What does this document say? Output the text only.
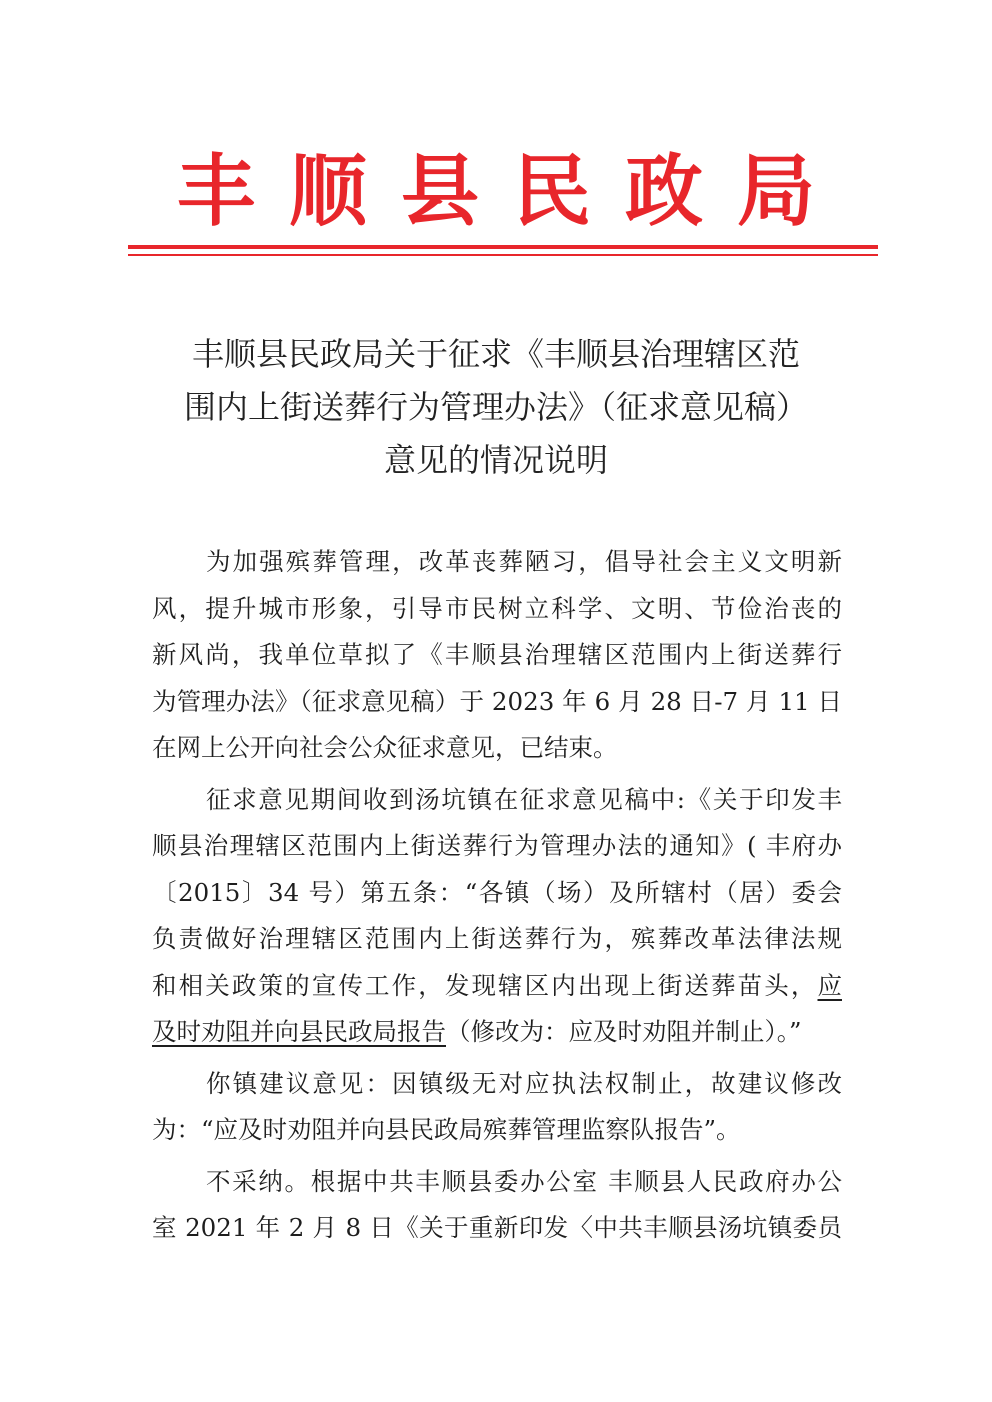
丰顺县民政局
丰顺县民政局关于征求《丰顺县治理辖区范
围内上街送葬行为管理办法》（征求意见稿）
意见的情况说明
为加强殡葬管理，改革丧葬陋习，倡导社会主义文明新
风，提升城市形象，引导市民树立科学、文明、节俭治丧的
新风尚，我单位草拟了《丰顺县治理辖区范围内上街送葬行
为管理办法》（征求意见稿）于 2023 年 6 月 28 日-7 月 11 日
在网上公开向社会公众征求意见，已结束。
征求意见期间收到汤坑镇在征求意见稿中:《关于印发丰
顺县治理辖区范围内上街送葬行为管理办法的通知》( 丰府办
〔2015〕34 号）第五条：“各镇（场）及所辖村（居）委会
负责做好治理辖区范围内上街送葬行为，殡葬改革法律法规
和相关政策的宣传工作，发现辖区内出现上街送葬苗头，应
及时劝阻并向县民政局报告（修改为：应及时劝阻并制止）。”
你镇建议意见：因镇级无对应执法权制止，故建议修改
为：“应及时劝阻并向县民政局殡葬管理监察队报告”。
不采纳。根据中共丰顺县委办公室 丰顺县人民政府办公
室 2021 年 2 月 8 日《关于重新印发〈中共丰顺县汤坑镇委员
